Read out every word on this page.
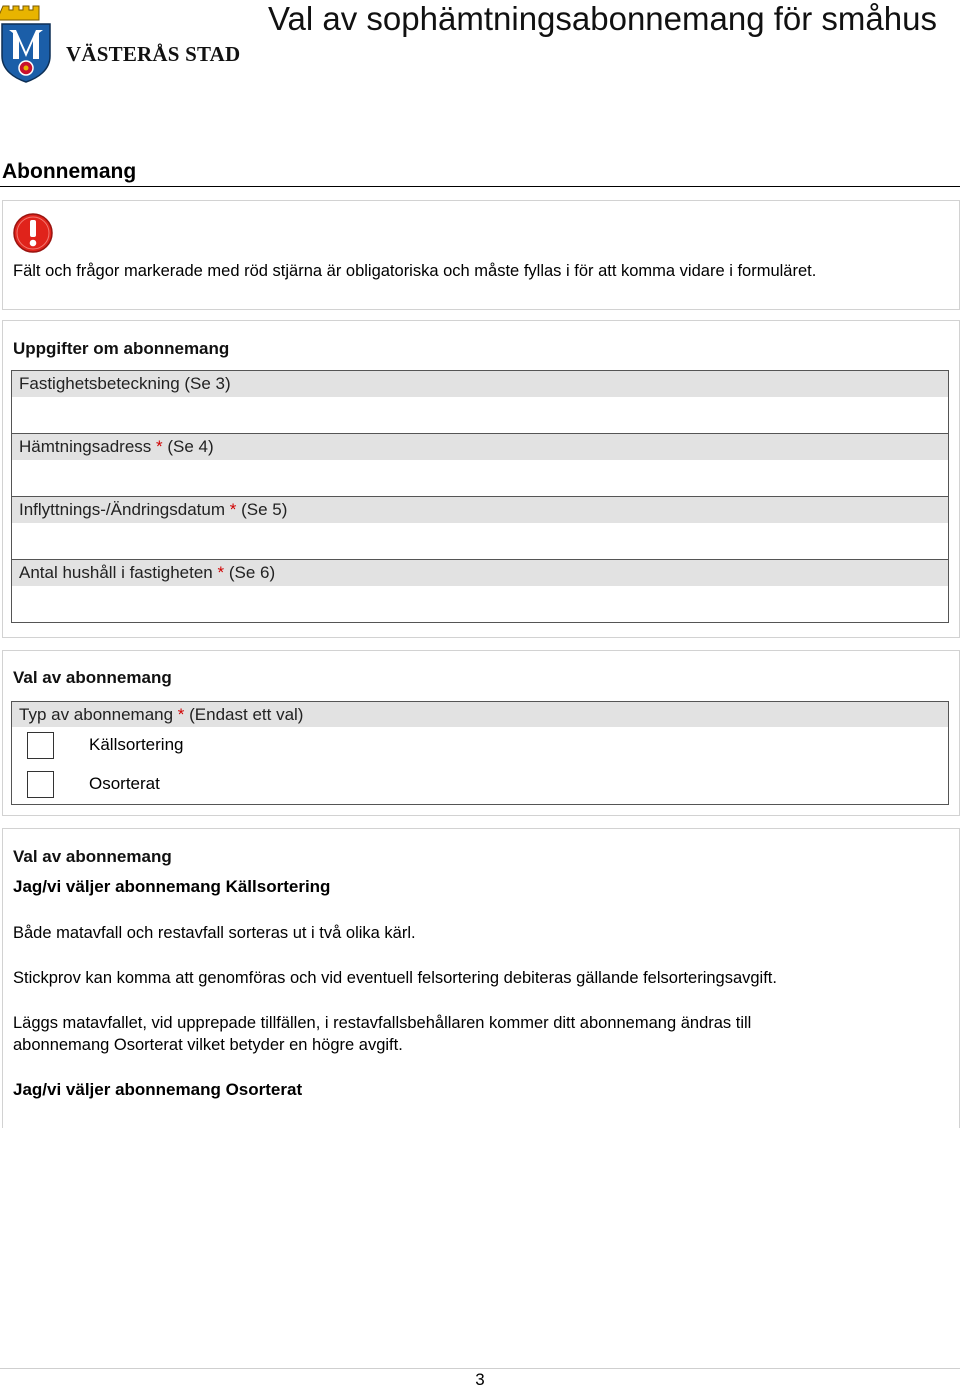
VÄSTERÅS STAD
Val av sophämtningsabonnemang för småhus
Abonnemang
Fält och frågor markerade med röd stjärna är obligatoriska och måste fyllas i för att komma vidare i formuläret.
Uppgifter om abonnemang
Fastighetsbeteckning (Se 3)
Hämtningsadress * (Se 4)
Inflyttnings-/Ändringsdatum * (Se 5)
Antal hushåll i fastigheten * (Se 6)
Val av abonnemang
Typ av abonnemang * (Endast ett val)
Källsortering
Osorterat
Val av abonnemang
Jag/vi väljer abonnemang Källsortering
Både matavfall och restavfall sorteras ut i två olika kärl.
Stickprov kan komma att genomföras och vid eventuell felsortering debiteras gällande felsorteringsavgift.
Läggs matavfallet, vid upprepade tillfällen, i restavfallsbehållaren kommer ditt abonnemang ändras till
abonnemang Osorterat vilket betyder en högre avgift.
Jag/vi väljer abonnemang Osorterat
3
